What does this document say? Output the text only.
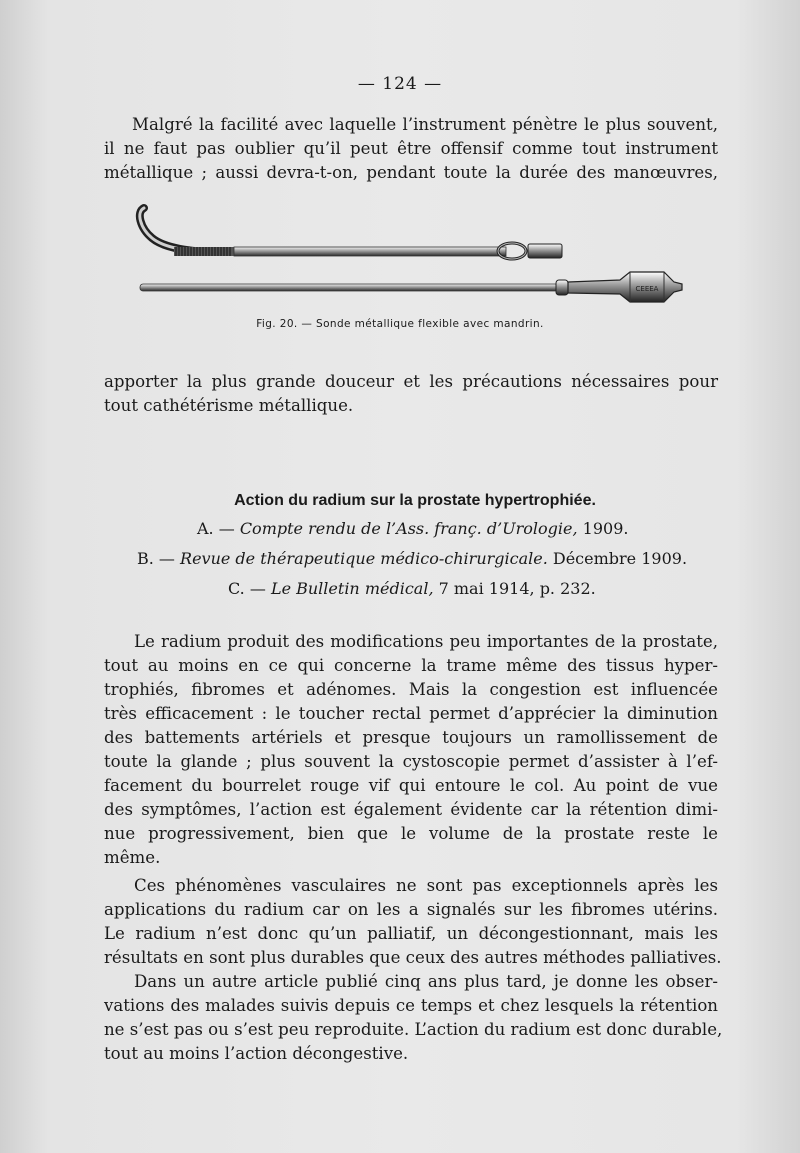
— 124 —
Malgré la facilité avec laquelle l’instrument pénètre le plus souvent,
il ne faut pas oublier qu’il peut être offensif comme tout instrument
métallique ; aussi devra-t-on, pendant toute la durée des manœuvres,
CEEEA
Fig. 20. — Sonde métallique flexible avec mandrin.
apporter la plus grande douceur et les précautions nécessaires pour
tout cathétérisme métallique.
Action du radium sur la prostate hypertrophiée.
A. — Compte rendu de l’Ass. franç. d’Urologie, 1909.
B. — Revue de thérapeutique médico-chirurgicale. Décembre 1909.
C. — Le Bulletin médical, 7 mai 1914, p. 232.
Le radium produit des modifications peu importantes de la prostate,
tout au moins en ce qui concerne la trame même des tissus hyper-
trophiés, fibromes et adénomes. Mais la congestion est influencée
très efficacement : le toucher rectal permet d’apprécier la diminution
des battements artériels et presque toujours un ramollissement de
toute la glande ; plus souvent la cystoscopie permet d’assister à l’ef-
facement du bourrelet rouge vif qui entoure le col. Au point de vue
des symptômes, l’action est également évidente car la rétention dimi-
nue progressivement, bien que le volume de la prostate reste le
même.
Ces phénomènes vasculaires ne sont pas exceptionnels après les
applications du radium car on les a signalés sur les fibromes utérins.
Le radium n’est donc qu’un palliatif, un décongestionnant, mais les
résultats en sont plus durables que ceux des autres méthodes palliatives.
Dans un autre article publié cinq ans plus tard, je donne les obser-
vations des malades suivis depuis ce temps et chez lesquels la rétention
ne s’est pas ou s’est peu reproduite. L’action du radium est donc durable,
tout au moins l’action décongestive.
